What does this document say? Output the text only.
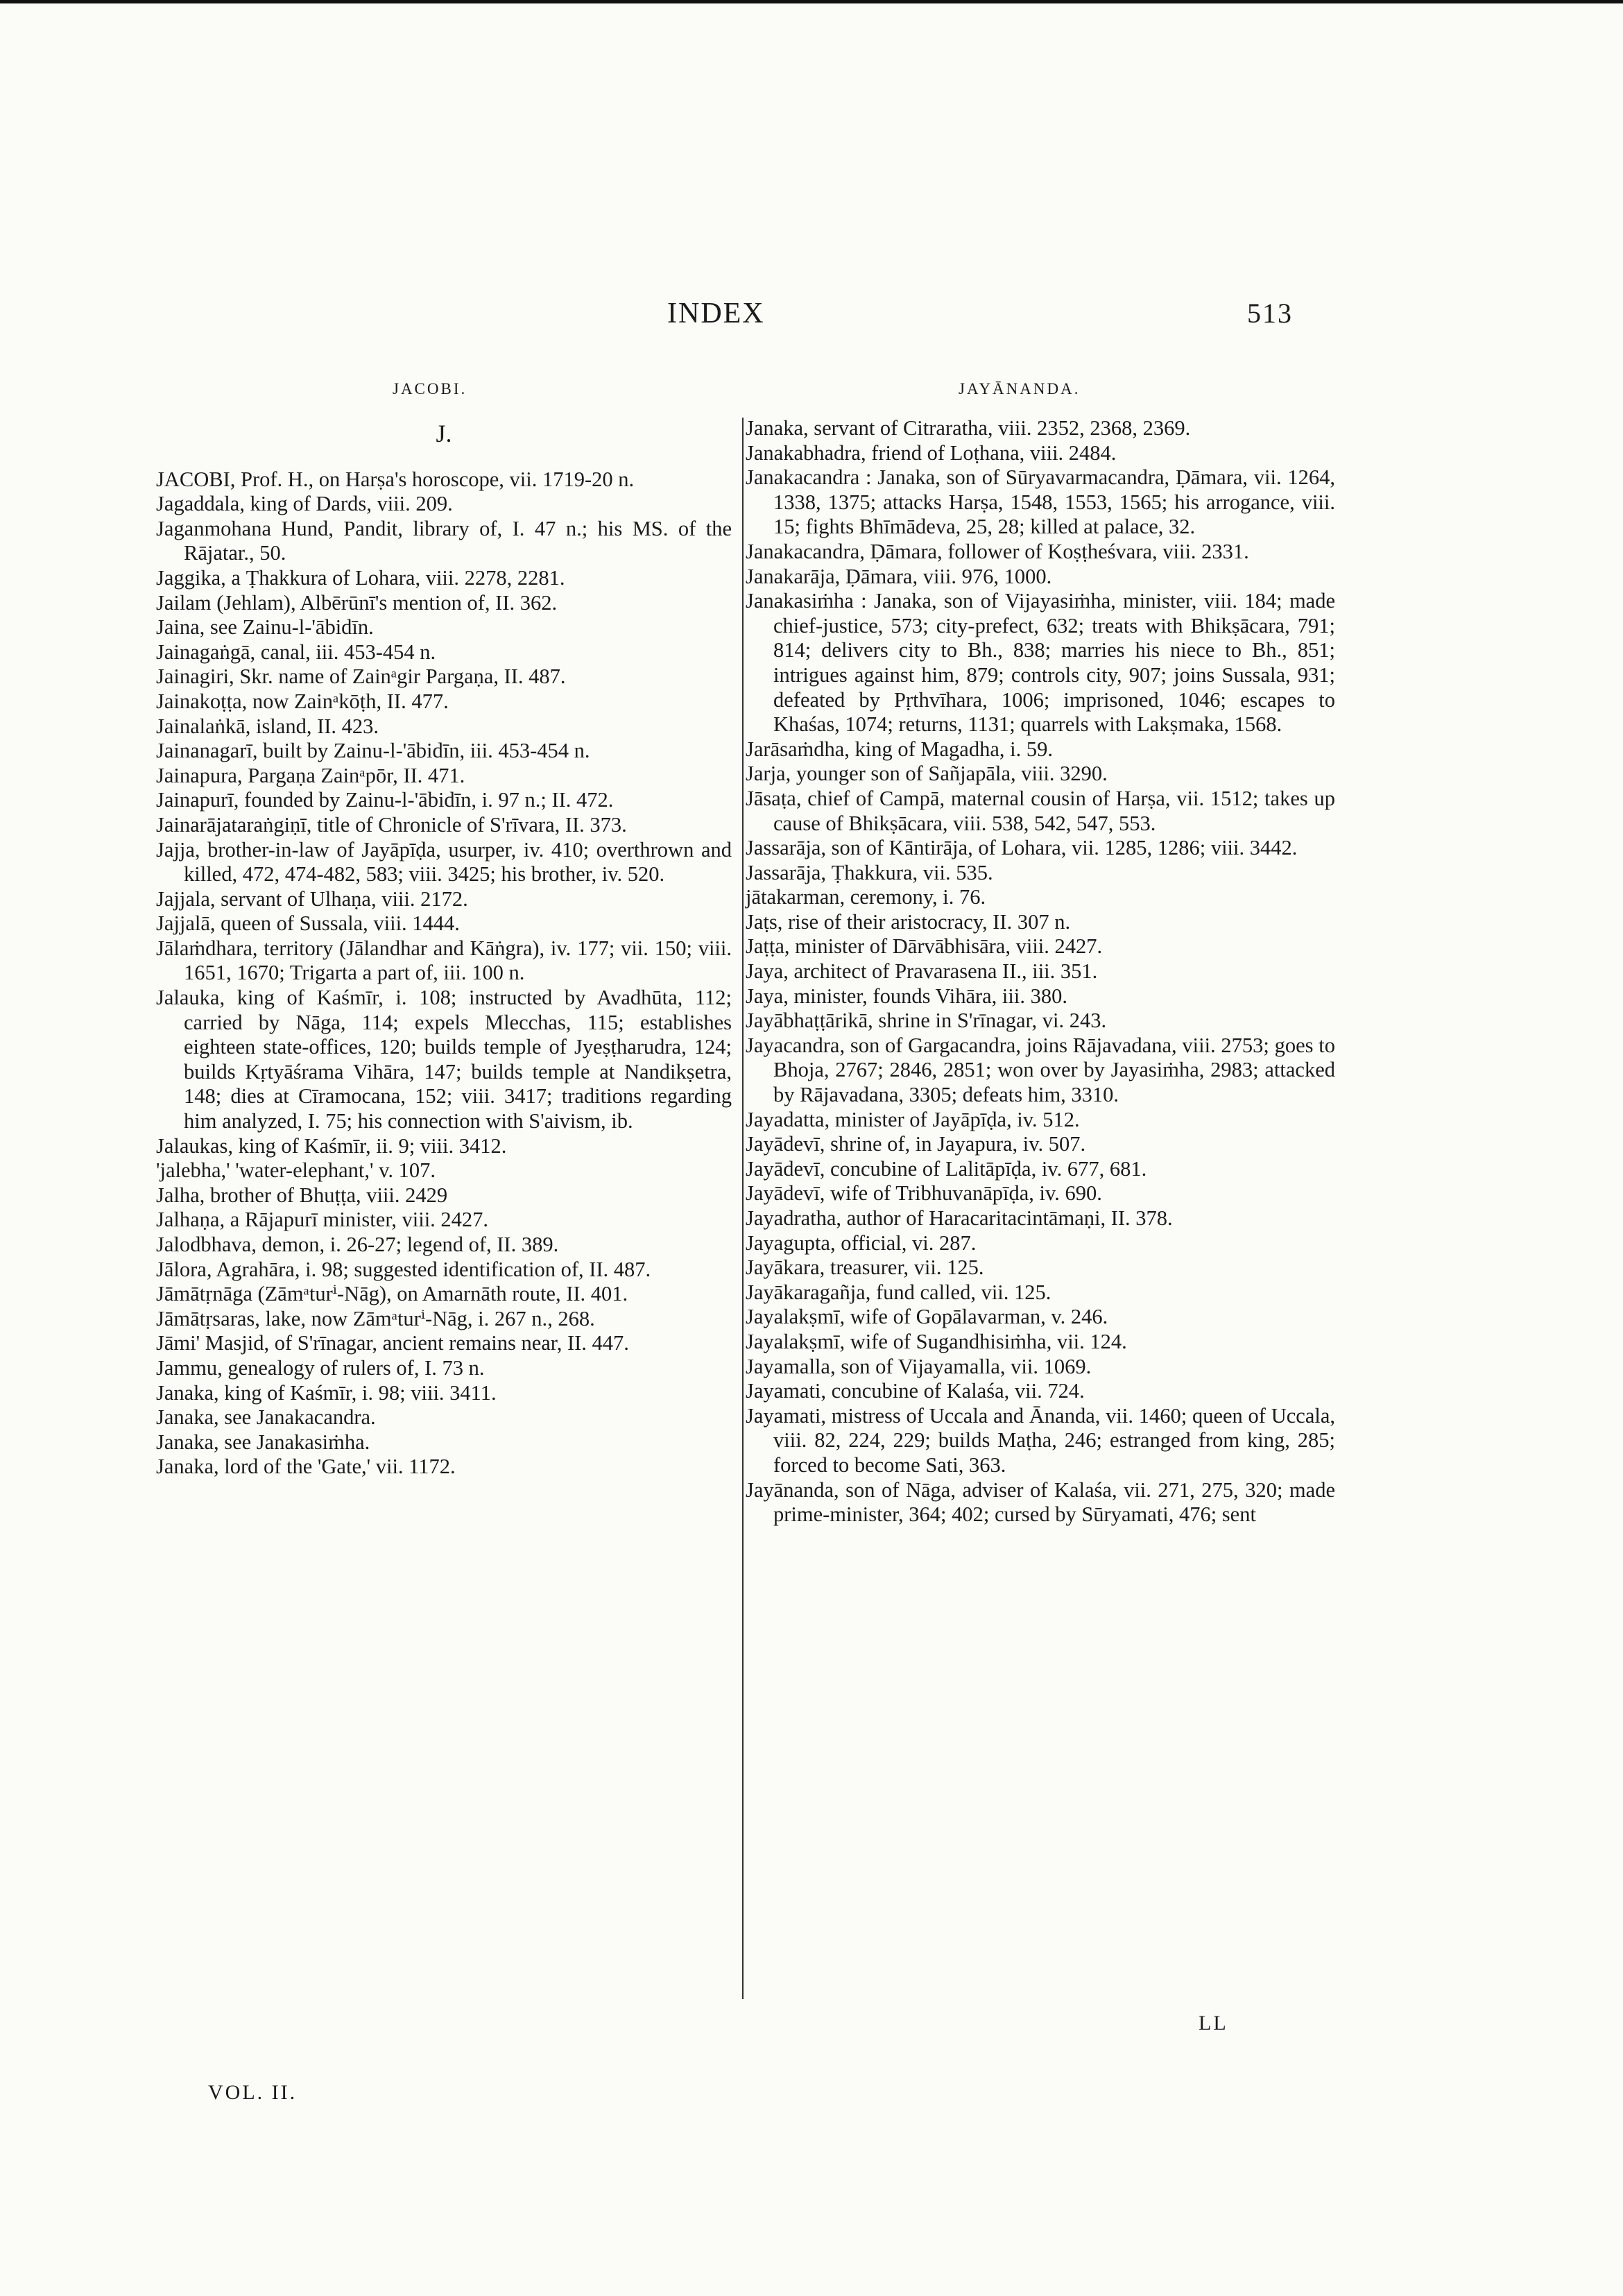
INDEX	513
JACOBI.	JAYĀNANDA.
J.

JACOBI, Prof. H., on Harṣa's horoscope, vii. 1719-20 n.

Jagaddala, king of Dards, viii. 209.

Jaganmohana Hund, Pandit, library of, I. 47 n.; his MS. of the Rājatar., 50.

Jaggika, a Ṭhakkura of Lohara, viii. 2278, 2281.

Jailam (Jehlam), Albērūnī's mention of, II. 362.

Jaina, see Zainu-l-'ābidīn.

Jainagaṅgā, canal, iii. 453-454 n.

Jainagiri, Skr. name of Zainᵃgir Pargaṇa, II. 487.

Jainakoṭṭa, now Zainᵃkōṭh, II. 477.

Jainalaṅkā, island, II. 423.

Jainanagarī, built by Zainu-l-'ābidīn, iii. 453-454 n.

Jainapura, Pargaṇa Zainᵃpōr, II. 471.

Jainapurī, founded by Zainu-l-'ābidīn, i. 97 n.; II. 472.

Jainarājataraṅgiṇī, title of Chronicle of S'rīvara, II. 373.

Jajja, brother-in-law of Jayāpīḍa, usurper, iv. 410; overthrown and killed, 472, 474-482, 583; viii. 3425; his brother, iv. 520.

Jajjala, servant of Ulhaṇa, viii. 2172.

Jajjalā, queen of Sussala, viii. 1444.

Jālaṁdhara, territory (Jālandhar and Kāṅgra), iv. 177; vii. 150; viii. 1651, 1670; Trigarta a part of, iii. 100 n.

Jalauka, king of Kaśmīr, i. 108; instructed by Avadhūta, 112; carried by Nāga, 114; expels Mlecchas, 115; establishes eighteen state-offices, 120; builds temple of Jyeṣṭharudra, 124; builds Kṛtyāśrama Vihāra, 147; builds temple at Nandikṣetra, 148; dies at Cīramocana, 152; viii. 3417; traditions regarding him analyzed, I. 75; his connection with S'aivism, ib.

Jalaukas, king of Kaśmīr, ii. 9; viii. 3412.

'jalebha,' 'water-elephant,' v. 107.

Jalha, brother of Bhuṭṭa, viii. 2429

Jalhaṇa, a Rājapurī minister, viii. 2427.

Jalodbhava, demon, i. 26-27; legend of, II. 389.

Jālora, Agrahāra, i. 98; suggested identification of, II. 487.

Jāmātṛnāga (Zāmᵃturⁱ-Nāg), on Amarnāth route, II. 401.

Jāmātṛsaras, lake, now Zāmᵃturⁱ-Nāg, i. 267 n., 268.

Jāmi' Masjid, of S'rīnagar, ancient remains near, II. 447.

Jammu, genealogy of rulers of, I. 73 n.

Janaka, king of Kaśmīr, i. 98; viii. 3411.

Janaka, see Janakacandra.

Janaka, see Janakasiṁha.

Janaka, lord of the 'Gate,' vii. 1172.

Janaka, servant of Citraratha, viii. 2352, 2368, 2369.

Janakabhadra, friend of Loṭhana, viii. 2484.

Janakacandra : Janaka, son of Sūryavarmacandra, Ḍāmara, vii. 1264, 1338, 1375; attacks Harṣa, 1548, 1553, 1565; his arrogance, viii. 15; fights Bhīmādeva, 25, 28; killed at palace, 32.

Janakacandra, Ḍāmara, follower of Koṣṭheśvara, viii. 2331.

Janakarāja, Ḍāmara, viii. 976, 1000.

Janakasiṁha : Janaka, son of Vijayasiṁha, minister, viii. 184; made chief-justice, 573; city-prefect, 632; treats with Bhikṣācara, 791; 814; delivers city to Bh., 838; marries his niece to Bh., 851; intrigues against him, 879; controls city, 907; joins Sussala, 931; defeated by Pṛthvīhara, 1006; imprisoned, 1046; escapes to Khaśas, 1074; returns, 1131; quarrels with Lakṣmaka, 1568.

Jarāsaṁdha, king of Magadha, i. 59.

Jarja, younger son of Sañjapāla, viii. 3290.

Jāsaṭa, chief of Campā, maternal cousin of Harṣa, vii. 1512; takes up cause of Bhikṣācara, viii. 538, 542, 547, 553.

Jassarāja, son of Kāntirāja, of Lohara, vii. 1285, 1286; viii. 3442.

Jassarāja, Ṭhakkura, vii. 535.

jātakarman, ceremony, i. 76.

Jaṭs, rise of their aristocracy, II. 307 n.

Jaṭṭa, minister of Dārvābhisāra, viii. 2427.

Jaya, architect of Pravarasena II., iii. 351.

Jaya, minister, founds Vihāra, iii. 380.

Jayābhaṭṭārikā, shrine in S'rīnagar, vi. 243.

Jayacandra, son of Gargacandra, joins Rājavadana, viii. 2753; goes to Bhoja, 2767; 2846, 2851; won over by Jayasiṁha, 2983; attacked by Rājavadana, 3305; defeats him, 3310.

Jayadatta, minister of Jayāpīḍa, iv. 512.

Jayādevī, shrine of, in Jayapura, iv. 507.

Jayādevī, concubine of Lalitāpīḍa, iv. 677, 681.

Jayādevī, wife of Tribhuvanāpīḍa, iv. 690.

Jayadratha, author of Haracaritacintāmaṇi, II. 378.

Jayagupta, official, vi. 287.

Jayākara, treasurer, vii. 125.

Jayākaragañja, fund called, vii. 125.

Jayalakṣmī, wife of Gopālavarman, v. 246.

Jayalakṣmī, wife of Sugandhisiṁha, vii. 124.

Jayamalla, son of Vijayamalla, vii. 1069.

Jayamati, concubine of Kalaśa, vii. 724.

Jayamati, mistress of Uccala and Ānanda, vii. 1460; queen of Uccala, viii. 82, 224, 229; builds Maṭha, 246; estranged from king, 285; forced to become Sati, 363.

Jayānanda, son of Nāga, adviser of Kalaśa, vii. 271, 275, 320; made prime-minister, 364; 402; cursed by Sūryamati, 476; sent

VOL. II.
LL
